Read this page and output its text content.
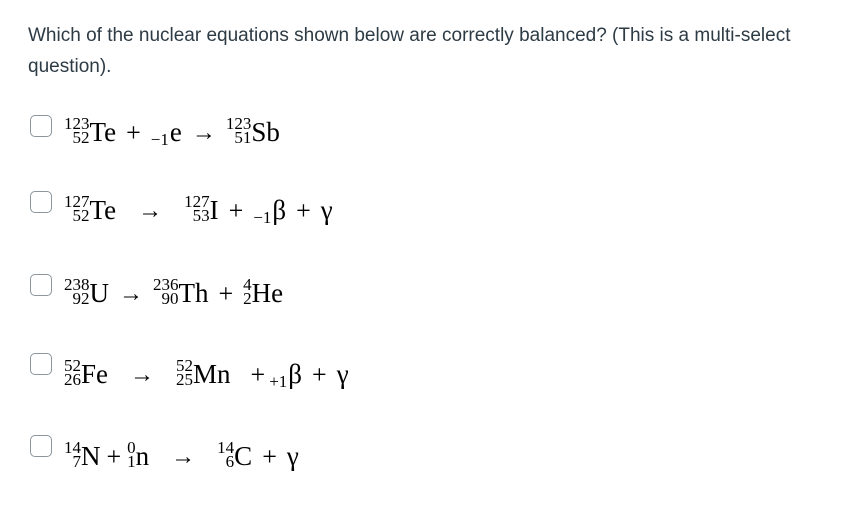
Which of the nuclear equations shown below are correctly balanced? (This is a multi-select question).
123
52 Te + −1e → 123
51 Sb
127
52 Te → 127
53 I + −1β + γ
238
92 U → 236
90 Th + 4
2 He
52
26 Fe → 52
25 Mn + +1β + γ
14
7 N + 0
1 n → 14
6 C + γ
